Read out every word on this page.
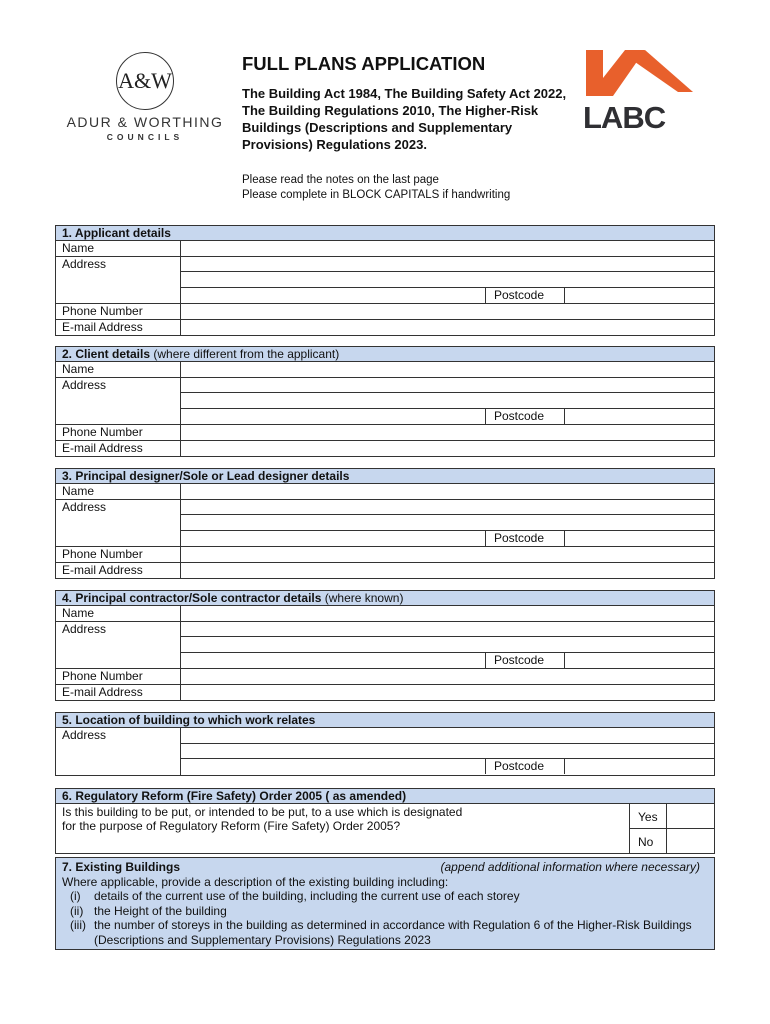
A&W
ADUR & WORTHING
COUNCILS
FULL PLANS APPLICATION
The Building Act 1984, The Building Safety Act 2022, The Building Regulations 2010, The Higher-Risk Buildings (Descriptions and Supplementary Provisions) Regulations 2023.
Please read the notes on the last page
Please complete in BLOCK CAPITALS if handwriting
LABC
1. Applicant details
Name
Address
Postcode
Phone Number
E-mail Address
2. Client details (where different from the applicant)
Name
Address
Postcode
Phone Number
E-mail Address
3. Principal designer/Sole or Lead designer details
Name
Address
Postcode
Phone Number
E-mail Address
4. Principal contractor/Sole contractor details (where known)
Name
Address
Postcode
Phone Number
E-mail Address
5. Location of building to which work relates
Address
Postcode
6. Regulatory Reform (Fire Safety) Order 2005 ( as amended)
Is this building to be put, or intended to be put, to a use which is designated
for the purpose of Regulatory Reform (Fire Safety) Order 2005?
Yes
No
7. Existing Buildings	(append additional information where necessary)
Where applicable, provide a description of the existing building including:
(i)	details of the current use of the building, including the current use of each storey
(ii) the Height of the building
(iii) the number of storeys in the building as determined in accordance with Regulation 6 of the Higher-Risk Buildings (Descriptions and Supplementary Provisions) Regulations 2023
